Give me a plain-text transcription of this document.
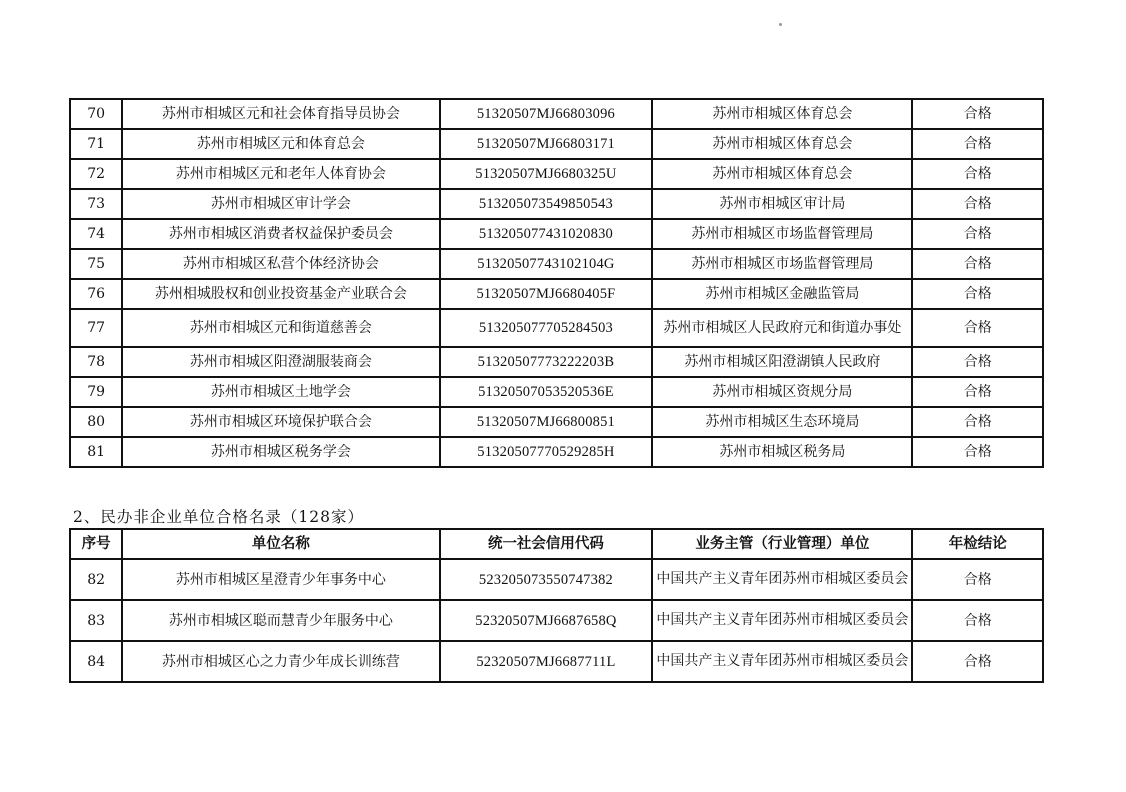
70	苏州市相城区元和社会体育指导员协会	51320507MJ66803096	苏州市相城区体育总会	合格
71	苏州市相城区元和体育总会	51320507MJ66803171	苏州市相城区体育总会	合格
72	苏州市相城区元和老年人体育协会	51320507MJ6680325U	苏州市相城区体育总会	合格
73	苏州市相城区审计学会	513205073549850543	苏州市相城区审计局	合格
74	苏州市相城区消费者权益保护委员会	513205077431020830	苏州市相城区市场监督管理局	合格
75	苏州市相城区私营个体经济协会	51320507743102104G	苏州市相城区市场监督管理局	合格
76	苏州相城股权和创业投资基金产业联合会	51320507MJ6680405F	苏州市相城区金融监管局	合格
77	苏州市相城区元和街道慈善会	513205077705284503	苏州市相城区人民政府元和街道办事处	合格
78	苏州市相城区阳澄湖服装商会	51320507773222203B	苏州市相城区阳澄湖镇人民政府	合格
79	苏州市相城区土地学会	51320507053520536E	苏州市相城区资规分局	合格
80	苏州市相城区环境保护联合会	51320507MJ66800851	苏州市相城区生态环境局	合格
81	苏州市相城区税务学会	51320507770529285H	苏州市相城区税务局	合格
2、民办非企业单位合格名录（128家）
序号	单位名称	统一社会信用代码	业务主管（行业管理）单位	年检结论
82	苏州市相城区星澄青少年事务中心	523205073550747382	中国共产主义青年团苏州市相城区委员会	合格
83	苏州市相城区聪而慧青少年服务中心	52320507MJ6687658Q	中国共产主义青年团苏州市相城区委员会	合格
84	苏州市相城区心之力青少年成长训练营	52320507MJ6687711L	中国共产主义青年团苏州市相城区委员会	合格
